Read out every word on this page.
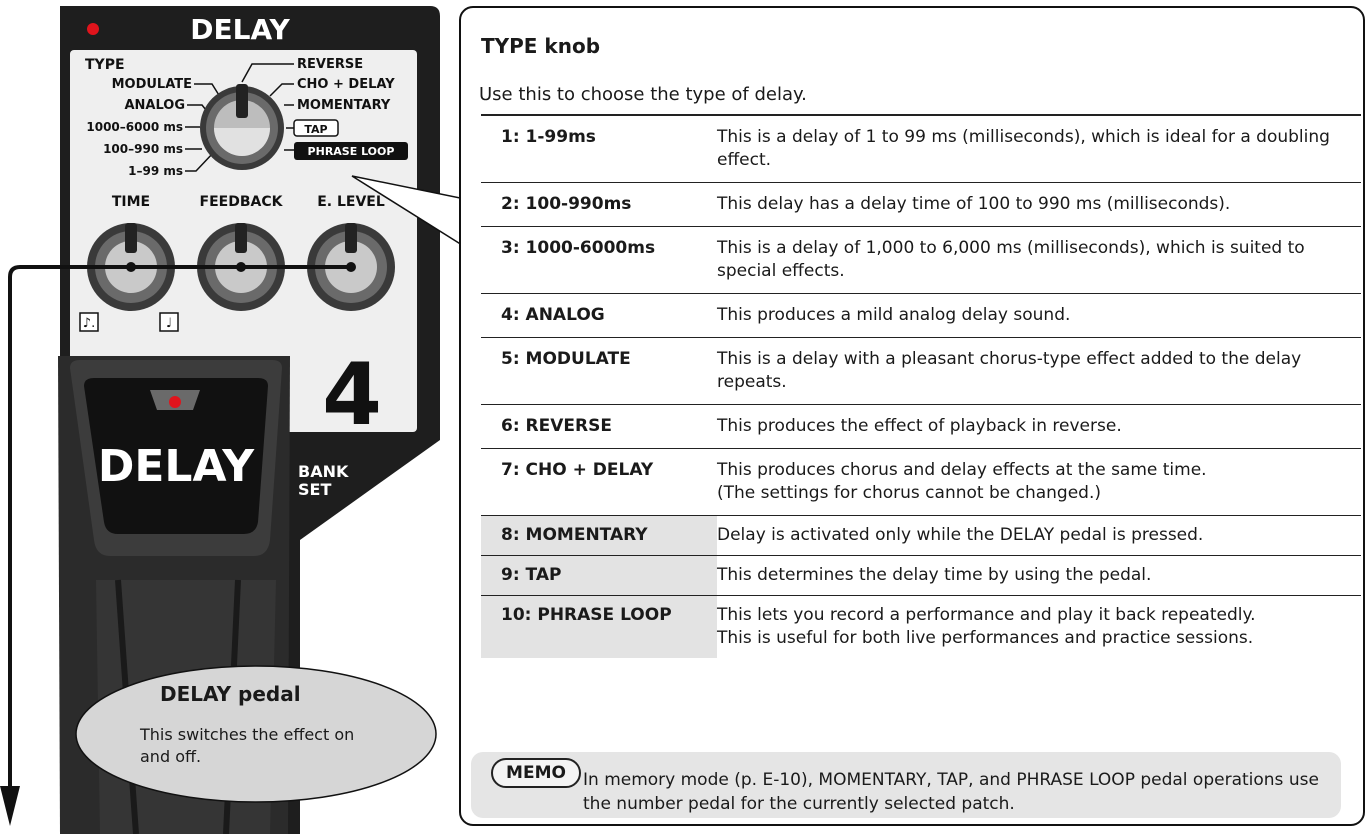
DELAY
TYPE
MODULATE
ANALOG
1000–6000 ms
100–990 ms
1–99 ms
REVERSE
CHO + DELAY
MOMENTARY
TAP
PHRASE LOOP
TIME	FEEDBACK E. LEVEL
♪.	♩
4
BANK
SET
DELAY

DELAY pedal

This switches the effect on and off.

TYPE knob

Use this to choose the type of delay.

1: 1-99ms	This is a delay of 1 to 99 ms (milliseconds), which is ideal for a doubling
effect.
2: 100-990ms	This delay has a delay time of 100 to 990 ms (milliseconds).
3: 1000-6000ms	This is a delay of 1,000 to 6,000 ms (milliseconds), which is suited to
special effects.
4: ANALOG	This produces a mild analog delay sound.
5: MODULATE	This is a delay with a pleasant chorus-type effect added to the delay
repeats.
6: REVERSE	This produces the effect of playback in reverse.
7: CHO + DELAY	This produces chorus and delay effects at the same time.
(The settings for chorus cannot be changed.)
8: MOMENTARY	Delay is activated only while the DELAY pedal is pressed.
9: TAP	This determines the delay time by using the pedal.
10: PHRASE LOOP	This lets you record a performance and play it back repeatedly.
This is useful for both live performances and practice sessions.
MEMO	In memory mode (p. E-10), MOMENTARY, TAP, and PHRASE LOOP pedal operations use the number pedal for the currently selected patch.
